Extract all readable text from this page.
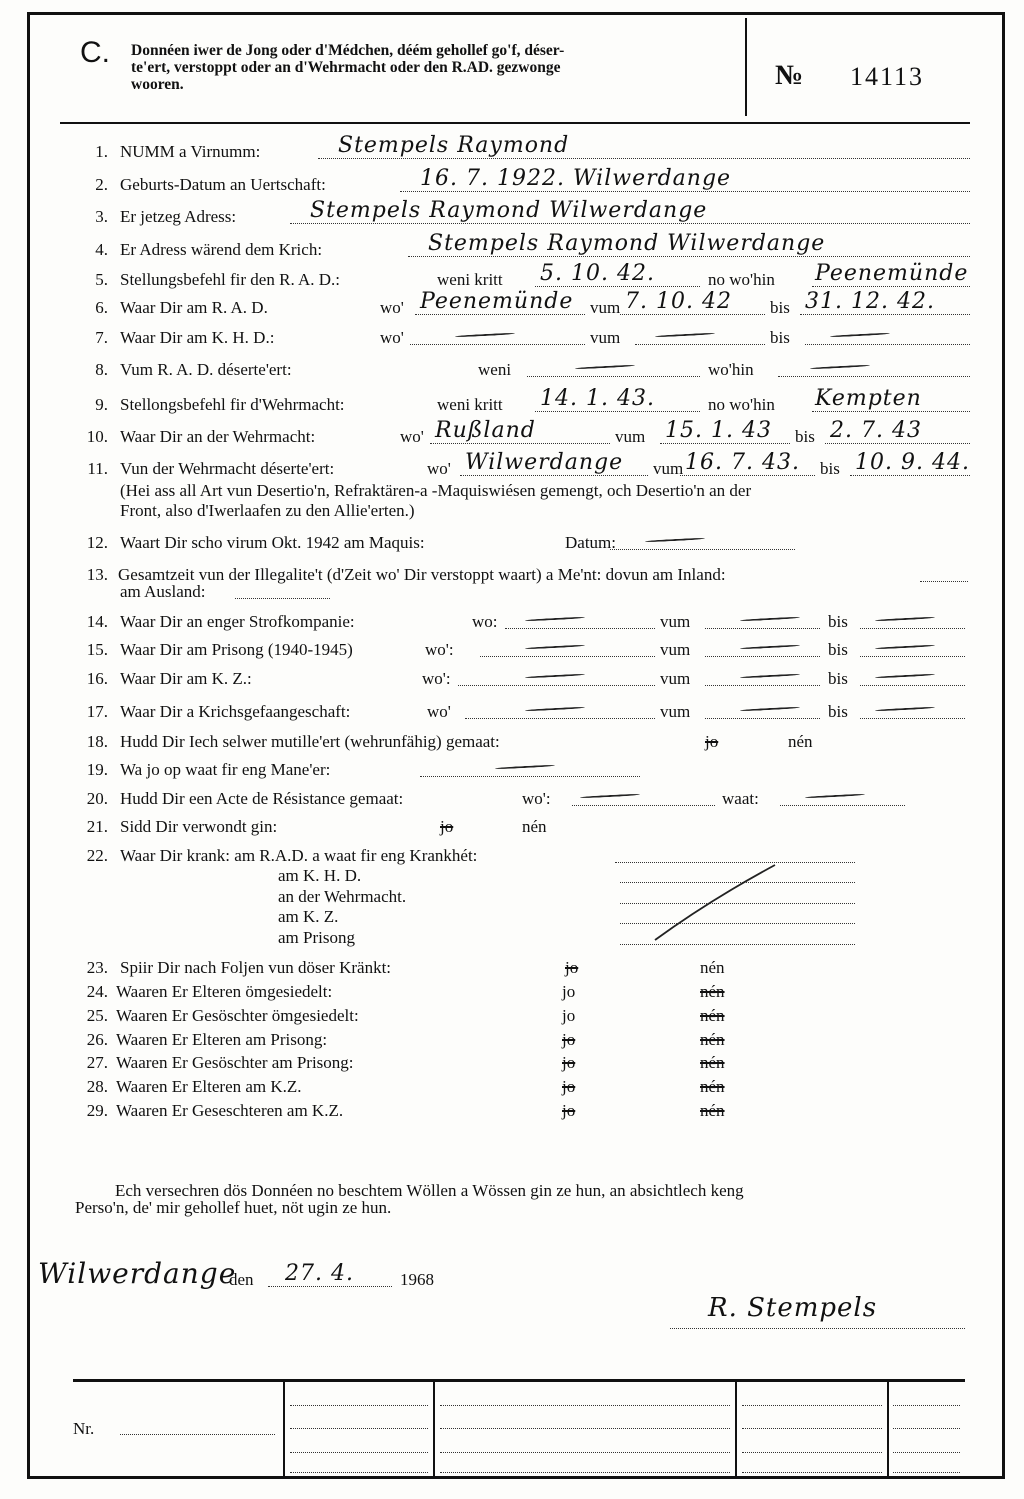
C. Donnéen iwer de Jong oder d'Médchen, déém gehollef go'f, déser-
te'ert, verstoppt oder an d'Wehrmacht oder den R.AD. gezwonge
wooren.	№ 14113
1. NUMM a Virnumm:	Stempels Raymond
2. Geburts-Datum an Uertschaft:	16. 7. 1922. Wilwerdange
3. Er jetzeg Adress:	Stempels Raymond Wilwerdange
4. Er Adress wärend dem Krich:	Stempels Raymond Wilwerdange
5. Stellungsbefehl fir den R. A. D.:	weni kritt 5. 10. 42.	no wo'hin Peenemünde
9. Stellongsbefehl fir d'Wehrmacht:	weni kritt 14. 1. 43.	no wo'hin Kempten
6. Waar Dir am R. A. D.	wo' Peenemünde vum 7. 10. 42 bis 31. 12. 42.
10. Waar Dir an der Wehrmacht:	wo' Rußland	vum 15. 1. 43 bis 2. 7. 43
11. Vun der Wehrmacht déserte'ert:	wo' Wilwerdange vum 16. 7. 43. bis 10. 9. 44.
(Hei ass all Art vun Desertio'n, Refraktären-a -Maquiswiésen gemengt, och Desertio'n an der
Front, also d'Iwerlaafen zu den Allie'erten.)
7. Waar Dir am K. H. D.:	wo'	vum	bis
8. Vum R. A. D. déserte'ert:	weni	wo'hin
12. Waart Dir scho virum Okt. 1942 am Maquis:	Datum:
13. Gesamtzeit vun der Illegalite't (d'Zeit wo' Dir verstoppt waart) a Me'nt: dovun am Inland:
am Ausland:
14. Waar Dir an enger Strofkompanie:	wo:	vum	bis
15. Waar Dir am Prisong (1940-1945)	wo':	vum	bis
16. Waar Dir am K. Z.:	wo':	vum	bis
17. Waar Dir a Krichsgefaangeschaft:	wo'	vum	bis
19. Wa jo op waat fir eng Mane'er:
20. Hudd Dir een Acte de Résistance gemaat:	wo':	waat:
22. Waar Dir krank: am R.A.D. a waat fir eng Krankhét:
am K. H. D.
an der Wehrmacht.
am K. Z.
am Prisong
18. Hudd Dir Iech selwer mutille'ert (wehrunfähig) gemaat:	jo	nén
21. Sidd Dir verwondt gin:	jo	nén
23. Spiir Dir nach Foljen vun döser Kränkt:	jo	nén
24. Waaren Er Elteren ömgesiedelt:	jo	nén
25. Waaren Er Gesöschter ömgesiedelt:	jo	nén
26. Waaren Er Elteren am Prisong:	jo	nén
27. Waaren Er Gesöschter am Prisong:	jo	nén
28. Waaren Er Elteren am K.Z.	jo	nén
29. Waaren Er Geseschteren am K.Z.	jo	nén
Ech versechren dös Donnéen no beschtem Wöllen a Wössen gin ze hun, an absichtlech keng
Perso'n, de' mir gehollef huet, nöt ugin ze hun.
Wilwerdange
den 27. 4.	1968
R. Stempels
Nr.
